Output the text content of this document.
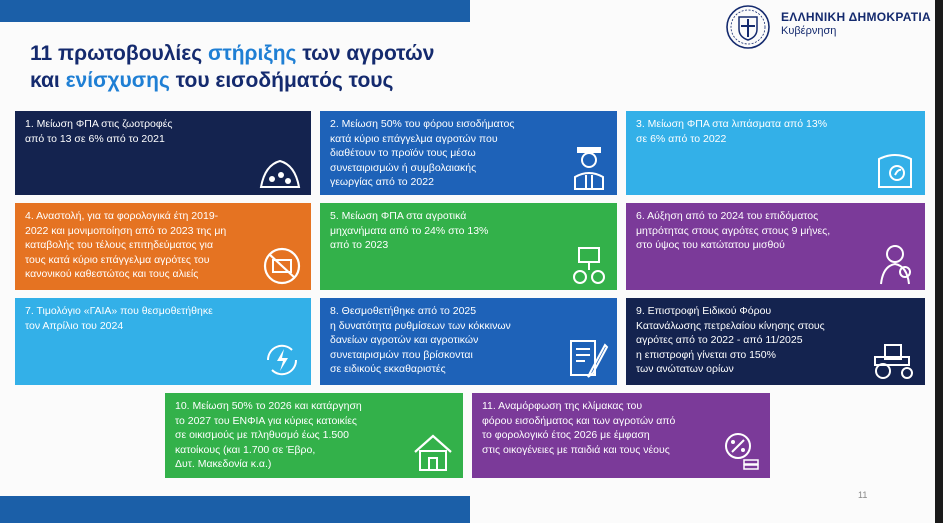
11 πρωτοβουλίες στήριξης των αγροτών
και ενίσχυσης του εισοδήματός τους
ΕΛΛΗΝΙΚΗ ΔΗΜΟΚΡΑΤΙΑ
Κυβέρνηση
1. Μείωση ΦΠΑ στις ζωοτροφές
από το 13 σε 6% από το 2021
2. Μείωση 50% του φόρου εισοδήματος
κατά κύριο επάγγελμα αγροτών που
διαθέτουν το προϊόν τους μέσω
συνεταιρισμών ή συμβολαιακής
γεωργίας από το 2022
3. Μείωση ΦΠΑ στα λιπάσματα από 13%
σε 6% από το 2022
4. Αναστολή, για τα φορολογικά έτη 2019-
2022 και μονιμοποίηση από το 2023 της μη
καταβολής του τέλους επιτηδεύματος για
τους κατά κύριο επάγγελμα αγρότες του
κανονικού καθεστώτος και τους αλιείς
5. Μείωση ΦΠΑ στα αγροτικά
μηχανήματα από το 24% στο 13%
από το 2023
6. Αύξηση από το 2024 του επιδόματος
μητρότητας στους αγρότες στους 9 μήνες,
στο ύψος του κατώτατου μισθού
7. Τιμολόγιο «ΓΑΙΑ» που θεσμοθετήθηκε
τον Απρίλιο του 2024
8. Θεσμοθετήθηκε από το 2025
η δυνατότητα ρυθμίσεων των κόκκινων
δανείων αγροτών και αγροτικών
συνεταιρισμών που βρίσκονται
σε ειδικούς εκκαθαριστές
9. Επιστροφή Ειδικού Φόρου
Κατανάλωσης πετρελαίου κίνησης στους
αγρότες από το 2022 - από 11/2025
η επιστροφή γίνεται στο 150%
των ανώτατων ορίων
10. Μείωση 50% το 2026 και κατάργηση
το 2027 του ΕΝΦΙΑ για κύριες κατοικίες
σε οικισμούς με πληθυσμό έως 1.500
κατοίκους (και 1.700 σε Έβρο,
Δυτ. Μακεδονία κ.α.)
11. Αναμόρφωση της κλίμακας του
φόρου εισοδήματος και των αγροτών από
το φορολογικό έτος 2026 με έμφαση
στις οικογένειες με παιδιά και τους νέους
11
